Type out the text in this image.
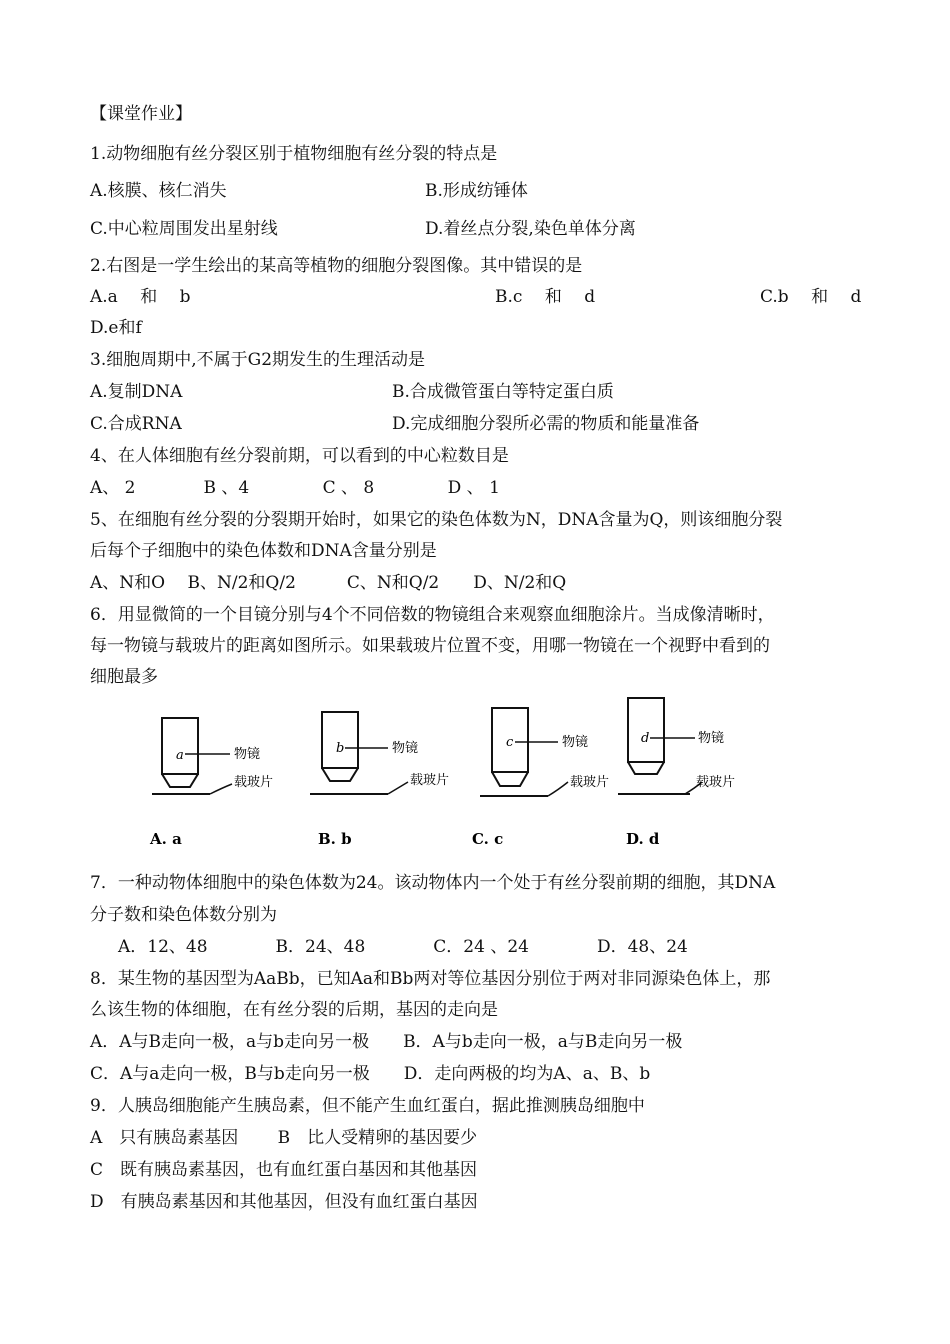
【课堂作业】
1.动物细胞有丝分裂区别于植物细胞有丝分裂的特点是
A.核膜、核仁消失	B.形成纺锤体
C.中心粒周围发出星射线	D.着丝点分裂,染色单体分离
2.右图是一学生绘出的某高等植物的细胞分裂图像。其中错误的是
A.a　 和　 b	B.c　 和　 d	C.b　 和　 d
D.e和f
3.细胞周期中,不属于G2期发生的生理活动是
A.复制DNA	B.合成微管蛋白等特定蛋白质
C.合成RNA	D.完成细胞分裂所必需的物质和能量准备
4、在人体细胞有丝分裂前期，可以看到的中心粒数目是
A、 2　　　　B 、4　　　　 C 、 8　　　　 D 、 1
5、在细胞有丝分裂的分裂期开始时，如果它的染色体数为N，DNA含量为Q，则该细胞分裂
后每个子细胞中的染色体数和DNA含量分别是
A、N和O　 B、N/2和Q/2　　　C、N和Q/2　　D、N/2和Q
6．用显微简的一个目镜分别与4个不同倍数的物镜组合来观察血细胞涂片。当成像清晰时，
每一物镜与载玻片的距离如图所示。如果载玻片位置不变，用哪一物镜在一个视野中看到的
细胞最多
a	b	c	d
物镜
载玻片
物镜
载玻片
物镜
载玻片
物镜
载玻片
A. a	B. b	C. c	D. d
7．一种动物体细胞中的染色体数为24。该动物体内一个处于有丝分裂前期的细胞，其DNA
分子数和染色体数分别为
A．12、48　　　　B．24、48　　　　C．24 、24　　　　D．48、24
8．某生物的基因型为AaBb，已知Aa和Bb两对等位基因分别位于两对非同源染色体上，那
么该生物的体细胞，在有丝分裂的后期，基因的走向是
A．A与B走向一极，a与b走向另一极　　B．A与b走向一极，a与B走向另一极
C．A与a走向一极，B与b走向另一极　　D．走向两极的均为A、a、B、b
9．人胰岛细胞能产生胰岛素，但不能产生血红蛋白，据此推测胰岛细胞中
A　只有胰岛素基因　　 B　比人受精卵的基因要少
C　既有胰岛素基因，也有血红蛋白基因和其他基因
D　有胰岛素基因和其他基因，但没有血红蛋白基因
